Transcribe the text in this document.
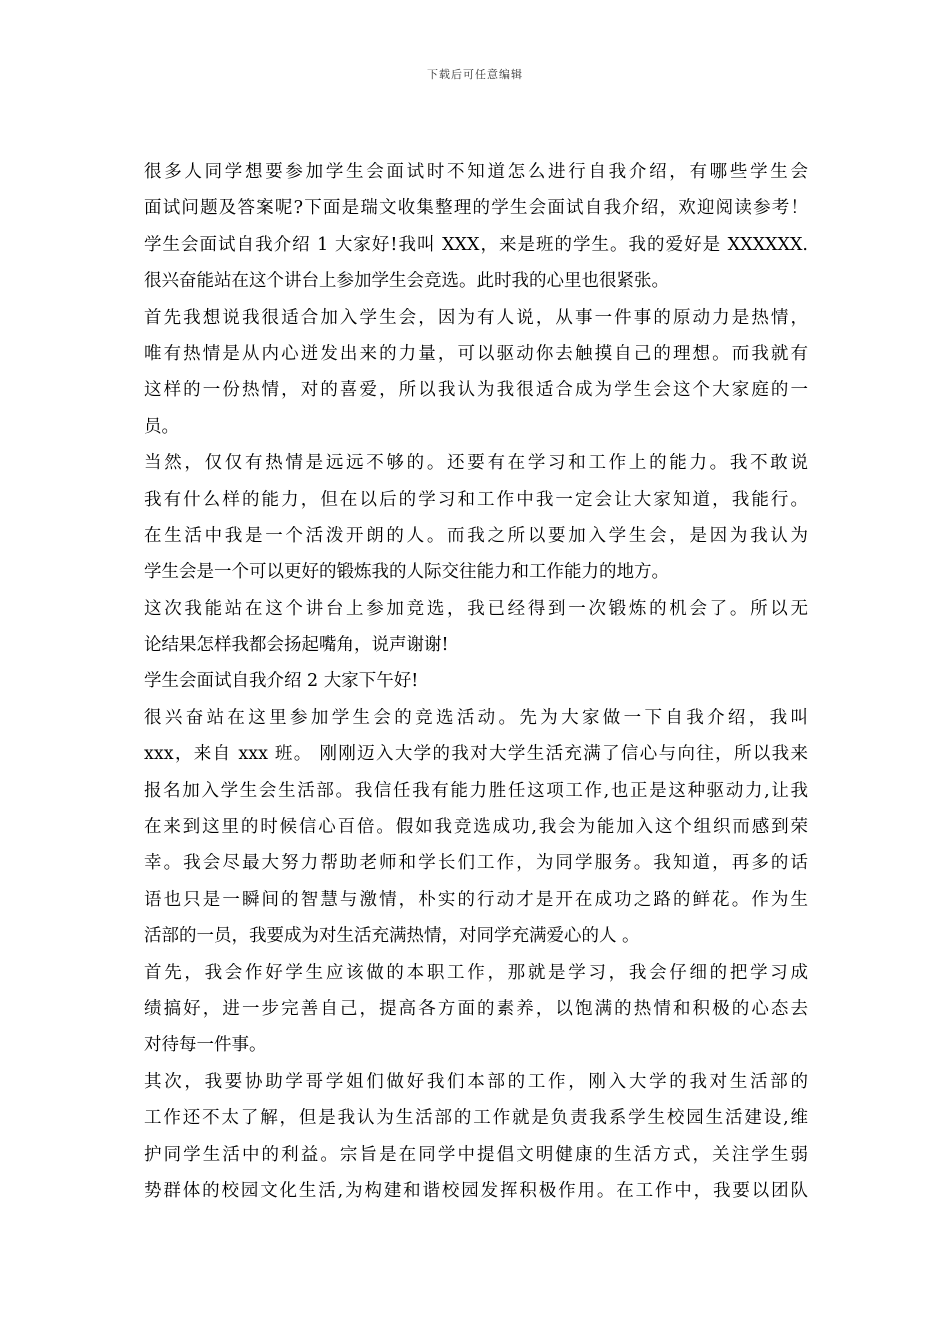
下载后可任意编辑
很多人同学想要参加学生会面试时不知道怎么进行自我介绍，有哪些学生会
面试问题及答案呢?下面是瑞文收集整理的学生会面试自我介绍，欢迎阅读参考！
学生会面试自我介绍 1 大家好!我叫 XXX，来是班的学生。我的爱好是 XXXXXX.
很兴奋能站在这个讲台上参加学生会竞选。此时我的心里也很紧张。
首先我想说我很适合加入学生会，因为有人说，从事一件事的原动力是热情，
唯有热情是从内心迸发出来的力量，可以驱动你去触摸自己的理想。而我就有
这样的一份热情，对的喜爱，所以我认为我很适合成为学生会这个大家庭的一
员。
当然，仅仅有热情是远远不够的。还要有在学习和工作上的能力。我不敢说
我有什么样的能力，但在以后的学习和工作中我一定会让大家知道，我能行。
在生活中我是一个活泼开朗的人。而我之所以要加入学生会，是因为我认为
学生会是一个可以更好的锻炼我的人际交往能力和工作能力的地方。
这次我能站在这个讲台上参加竞选，我已经得到一次锻炼的机会了。所以无
论结果怎样我都会扬起嘴角，说声谢谢!
学生会面试自我介绍 2 大家下午好!
很兴奋站在这里参加学生会的竞选活动。先为大家做一下自我介绍，我叫
xxx，来自 xxx 班。 刚刚迈入大学的我对大学生活充满了信心与向往，所以我来
报名加入学生会生活部。我信任我有能力胜任这项工作,也正是这种驱动力,让我
在来到这里的时候信心百倍。假如我竞选成功,我会为能加入这个组织而感到荣
幸。我会尽最大努力帮助老师和学长们工作，为同学服务。我知道，再多的话
语也只是一瞬间的智慧与激情，朴实的行动才是开在成功之路的鲜花。作为生
活部的一员，我要成为对生活充满热情，对同学充满爱心的人 。
首先，我会作好学生应该做的本职工作，那就是学习，我会仔细的把学习成
绩搞好，进一步完善自己，提高各方面的素养，以饱满的热情和积极的心态去
对待每一件事。
其次，我要协助学哥学姐们做好我们本部的工作，刚入大学的我对生活部的
工作还不太了解，但是我认为生活部的工作就是负责我系学生校园生活建设,维
护同学生活中的利益。宗旨是在同学中提倡文明健康的生活方式，关注学生弱
势群体的校园文化生活,为构建和谐校园发挥积极作用。在工作中，我要以团队
